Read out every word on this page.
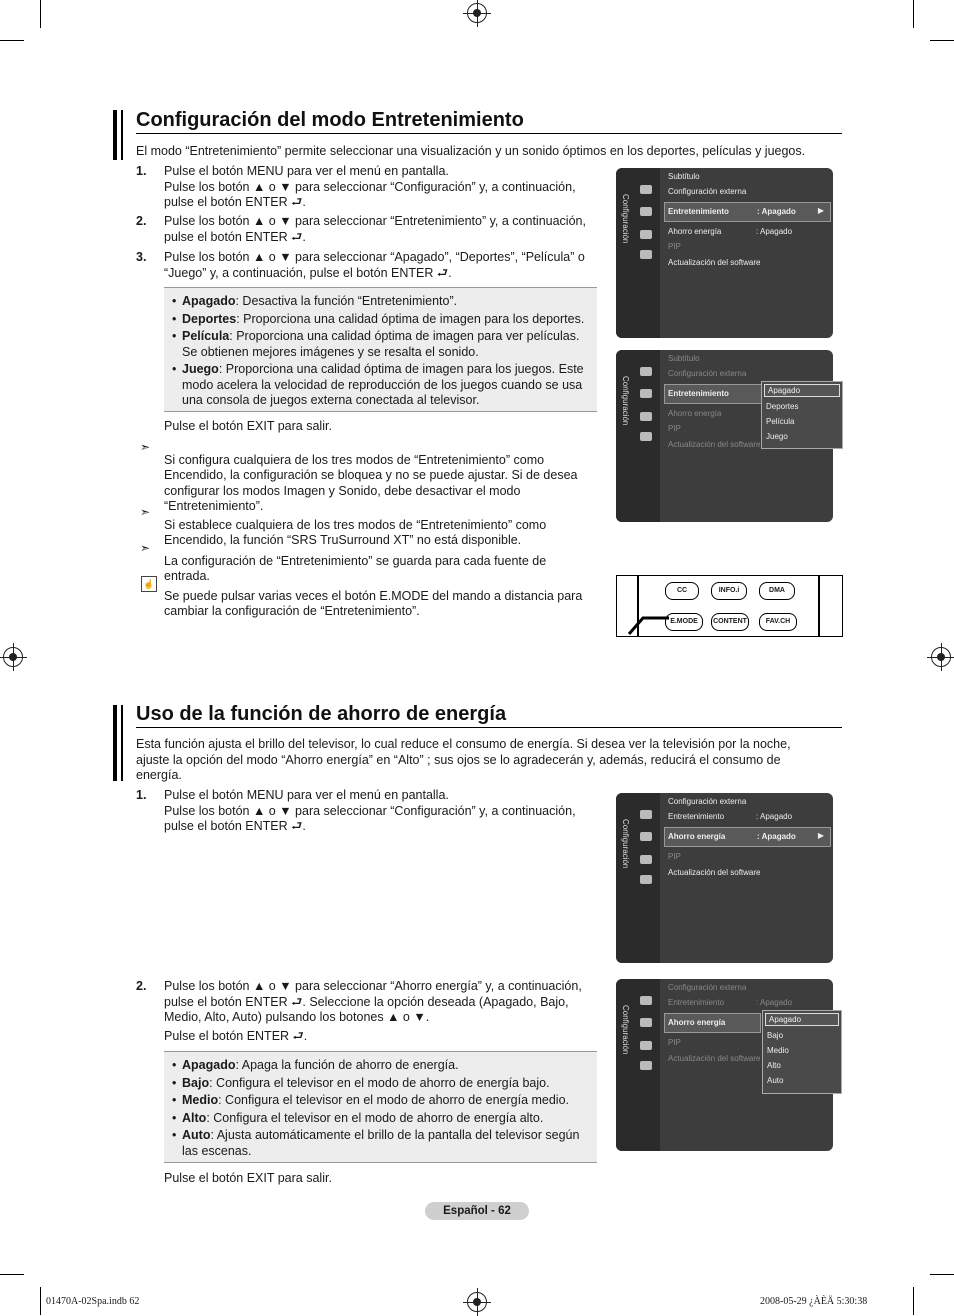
Configuración del modo Entretenimiento

El modo “Entretenimiento” permite seleccionar una visualización y un sonido óptimos en los deportes, películas y juegos.

1. Pulse el botón MENU para ver el menú en pantalla.
Pulse los botón ▲ o ▼ para seleccionar “Configuración” y, a continuación,
pulse el botón ENTER ⮐.
2. Pulse los botón ▲ o ▼ para seleccionar “Entretenimiento” y, a continuación,
pulse el botón ENTER ⮐.
3. Pulse los botón ▲ o ▼ para seleccionar “Apagado”, “Deportes”, “Película” o
“Juego” y, a continuación, pulse el botón ENTER ⮐.
• Apagado: Desactiva la función “Entretenimiento”.
• Deportes: Proporciona una calidad óptima de imagen para los deportes.
• Película: Proporciona una calidad óptima de imagen para ver películas. Se obtienen mejores imágenes y se resalta el sonido.
• Juego: Proporciona una calidad óptima de imagen para los juegos. Este modo acelera la velocidad de reproducción de los juegos cuando se usa una consola de juegos externa conectada al televisor.

Pulse el botón EXIT para salir.

➣

Si configura cualquiera de los tres modos de “Entretenimiento” como Encendido, la configuración se bloquea y no se puede ajustar. Si de desea configurar los modos Imagen y Sonido, debe desactivar el modo “Entretenimiento”.

➣

Si establece cualquiera de los tres modos de “Entretenimiento” como Encendido, la función “SRS TruSurround XT” no está disponible.

➣

La configuración de “Entretenimiento” se guarda para cada fuente de entrada.

☝

Se puede pulsar varias veces el botón E.MODE del mando a distancia para cambiar la configuración de “Entretenimiento”.

Configuración
Subtítulo
Configuración externa
Entretenimiento	: Apagado	▶
Ahorro energía	: Apagado
PIP
Actualización del software
Configuración
Subtítulo
Configuración externa
Entretenimiento
Ahorro energía
PIP
Actualización del software
Apagado
Deportes
Película
Juego
CC	INFO.i	DMA
E.MODE	CONTENT	FAV.CH
Uso de la función de ahorro de energía

Esta función ajusta el brillo del televisor, lo cual reduce el consumo de energía. Si desea ver la televisión por la noche, ajuste la opción del modo “Ahorro energía” en “Alto” ; sus ojos se lo agradecerán y, además, reducirá el consumo de energía.

1. Pulse el botón MENU para ver el menú en pantalla.
Pulse los botón ▲ o ▼ para seleccionar “Configuración” y, a continuación,
pulse el botón ENTER ⮐.
2. Pulse los botón ▲ o ▼ para seleccionar “Ahorro energía” y, a continuación,
pulse el botón ENTER ⮐. Seleccione la opción deseada (Apagado, Bajo,
Medio, Alto, Auto) pulsando los botones ▲ o ▼.

Pulse el botón ENTER ⮐.

• Apagado: Apaga la función de ahorro de energía.
• Bajo: Configura el televisor en el modo de ahorro de energía bajo.
• Medio: Configura el televisor en el modo de ahorro de energía medio.
• Alto: Configura el televisor en el modo de ahorro de energía alto.
• Auto: Ajusta automáticamente el brillo de la pantalla del televisor según las escenas.

Pulse el botón EXIT para salir.

Configuración
Configuración externa
Entretenimiento	: Apagado
Ahorro energía	: Apagado	▶
PIP
Actualización del software
Configuración
Configuración externa
Entretenimiento	: Apagado
Ahorro energía
PIP
Actualización del software
Apagado
Bajo
Medio
Alto
Auto
Español - 62
01470A-02Spa.indb 62	2008-05-29 ¿ÀÈÄ 5:30:38
